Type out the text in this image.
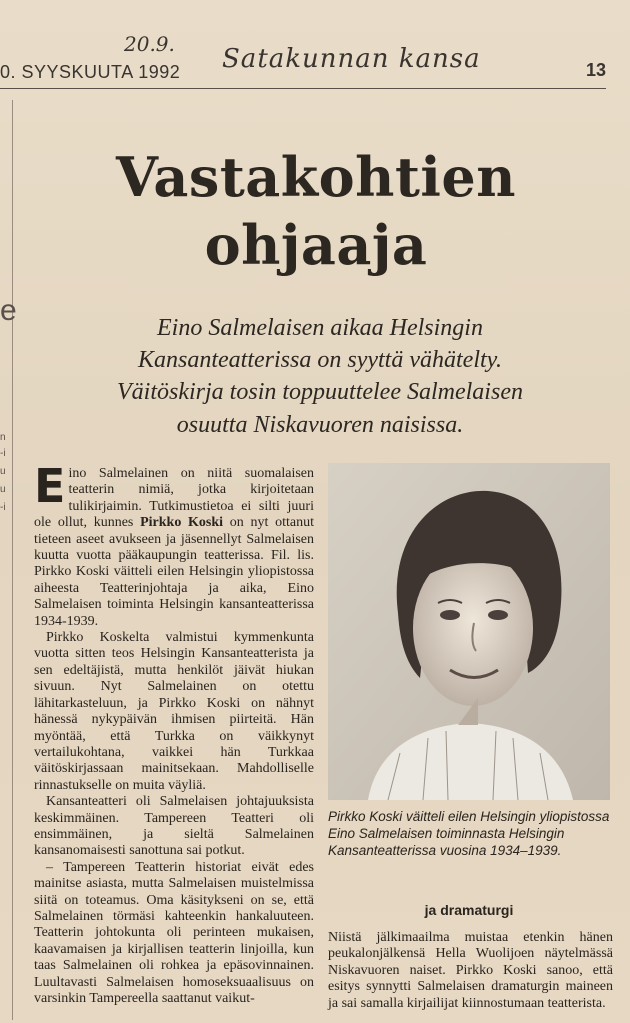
20.9. Satakunnan kansa
0. SYYSKUUTA 1992	13
e
n
-i
u
u
-i
Vastakohtien
ohjaaja
Eino Salmelaisen aikaa Helsingin
Kansanteatterissa on syyttä vähätelty.
Väitöskirja tosin toppuuttelee Salmelaisen
osuutta Niskavuoren naisissa.

Eino Salmelainen on niitä suomalaisen teatterin nimiä, jotka kirjoitetaan tulikirjaimin. Tutkimustietoa ei silti juuri ole ollut, kunnes Pirkko Koski on nyt ottanut tieteen aseet avukseen ja jäsennellyt Salmelaisen kuutta vuotta pääkaupungin teatterissa. Fil. lis. Pirkko Koski väitteli eilen Helsingin yliopistossa aiheesta Teatterinjohtaja ja aika, Eino Salmelaisen toiminta Helsingin kansanteatterissa 1934-1939.

Pirkko Koskelta valmistui kymmenkunta vuotta sitten teos Helsingin Kansanteatterista ja sen edeltäjistä, mutta henkilöt jäivät hiukan sivuun. Nyt Salmelainen on otettu lähitarkasteluun, ja Pirkko Koski on nähnyt hänessä nykypäivän ihmisen piirteitä. Hän myöntää, että Turkka on väikkynyt vertailukohtana, vaikkei hän Turkkaa väitöskirjassaan mainitsekaan. Mahdolliselle rinnastukselle on muita väyliä.

Kansanteatteri oli Salmelaisen johtajuuksista keskimmäinen. Tampereen Teatteri oli ensimmäinen, ja sieltä Salmelainen kansanomaisesti sanottuna sai potkut.

– Tampereen Teatterin historiat eivät edes mainitse asiasta, mutta Salmelaisen muistelmissa siitä on toteamus. Oma käsitykseni on se, että Salmelainen törmäsi kahteenkin hankaluuteen. Teatterin johtokunta oli perinteen mukaisen, kaavamaisen ja kirjallisen teatterin linjoilla, kun taas Salmelainen oli rohkea ja epäsovinnainen. Luultavasti Salmelaisen homoseksuaalisuus on varsinkin Tampereella saattanut vaikut-

Pirkko Koski väitteli eilen Helsingin yliopistossa Eino Salmelaisen toiminnasta Helsingin Kansanteatterissa vuosina 1934–1939.
ja dramaturgi
Niistä jälkimaailma muistaa etenkin hänen peukalonjälkensä Hella Wuolijoen näytelmässä Niskavuoren naiset. Pirkko Koski sanoo, että esitys synnytti Salmelaisen dramaturgin maineen ja sai samalla kirjailijat kiinnostumaan teatterista.
